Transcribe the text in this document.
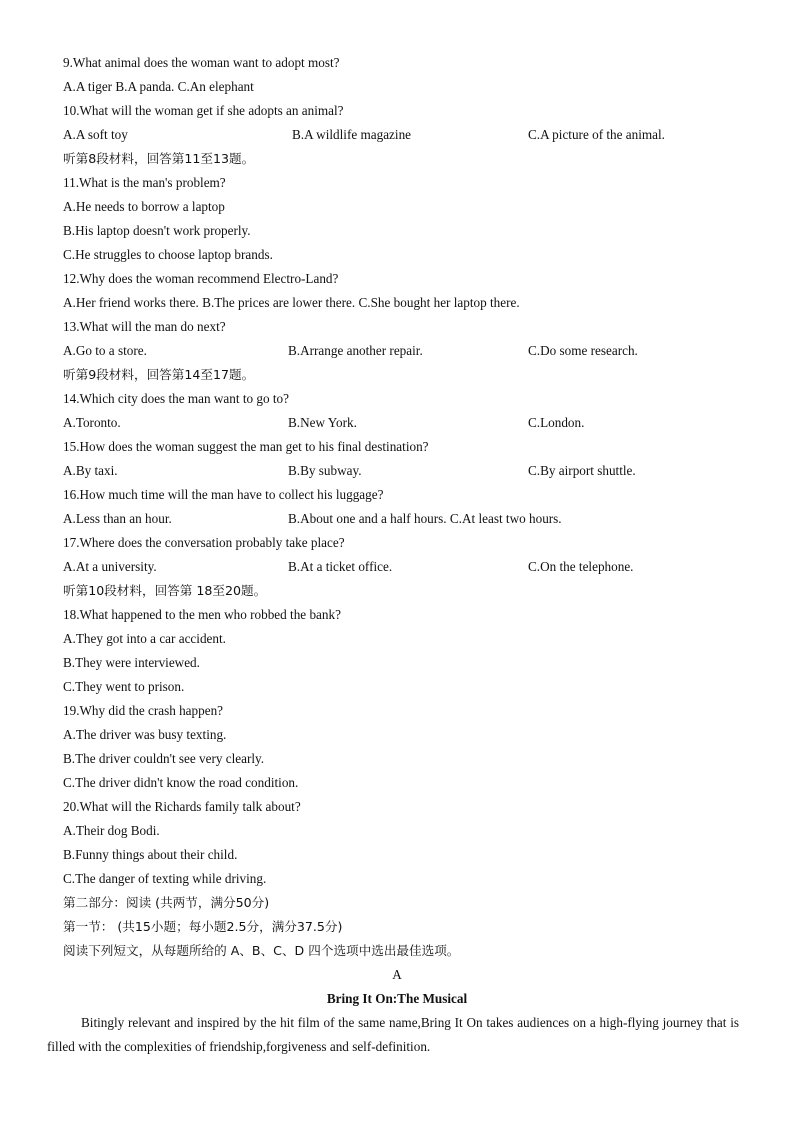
9.What animal does the woman want to adopt most?
A.A tiger B.A panda. C.An elephant
10.What will the woman get if she adopts an animal?
A.A soft toy	B.A wildlife magazine	C.A picture of the animal.
听第8段材料，回答第11至13题。
11.What is the man's problem?
A.He needs to borrow a laptop
B.His laptop doesn't work properly.
C.He struggles to choose laptop brands.
12.Why does the woman recommend Electro-Land?
A.Her friend works there. B.The prices are lower there. C.She bought her laptop there.
13.What will the man do next?
A.Go to a store.	B.Arrange another repair.	C.Do some research.
听第9段材料，回答第14至17题。
14.Which city does the man want to go to?
A.Toronto.	B.New York.	C.London.
15.How does the woman suggest the man get to his final destination?
A.By taxi.	B.By subway.	C.By airport shuttle.
16.How much time will the man have to collect his luggage?
A.Less than an hour.	B.About one and a half hours. C.At least two hours.
17.Where does the conversation probably take place?
A.At a university.	B.At a ticket office.	C.On the telephone.
听第10段材料，回答第 18至20题。
18.What happened to the men who robbed the bank?
A.They got into a car accident.
B.They were interviewed.
C.They went to prison.
19.Why did the crash happen?
A.The driver was busy texting.
B.The driver couldn't see very clearly.
C.The driver didn't know the road condition.
20.What will the Richards family talk about?
A.Their dog Bodi.
B.Funny things about their child.
C.The danger of texting while driving.
第二部分：阅读 (共两节，满分50分)
第一节： (共15小题；每小题2.5分，满分37.5分)
阅读下列短文，从每题所给的 A、B、C、D 四个选项中选出最佳选项。
A
Bring It On:The Musical
Bitingly relevant and inspired by the hit film of the same name,Bring It On takes audiences on a high-flying journey that is filled with the complexities of friendship,forgiveness and self-definition.
